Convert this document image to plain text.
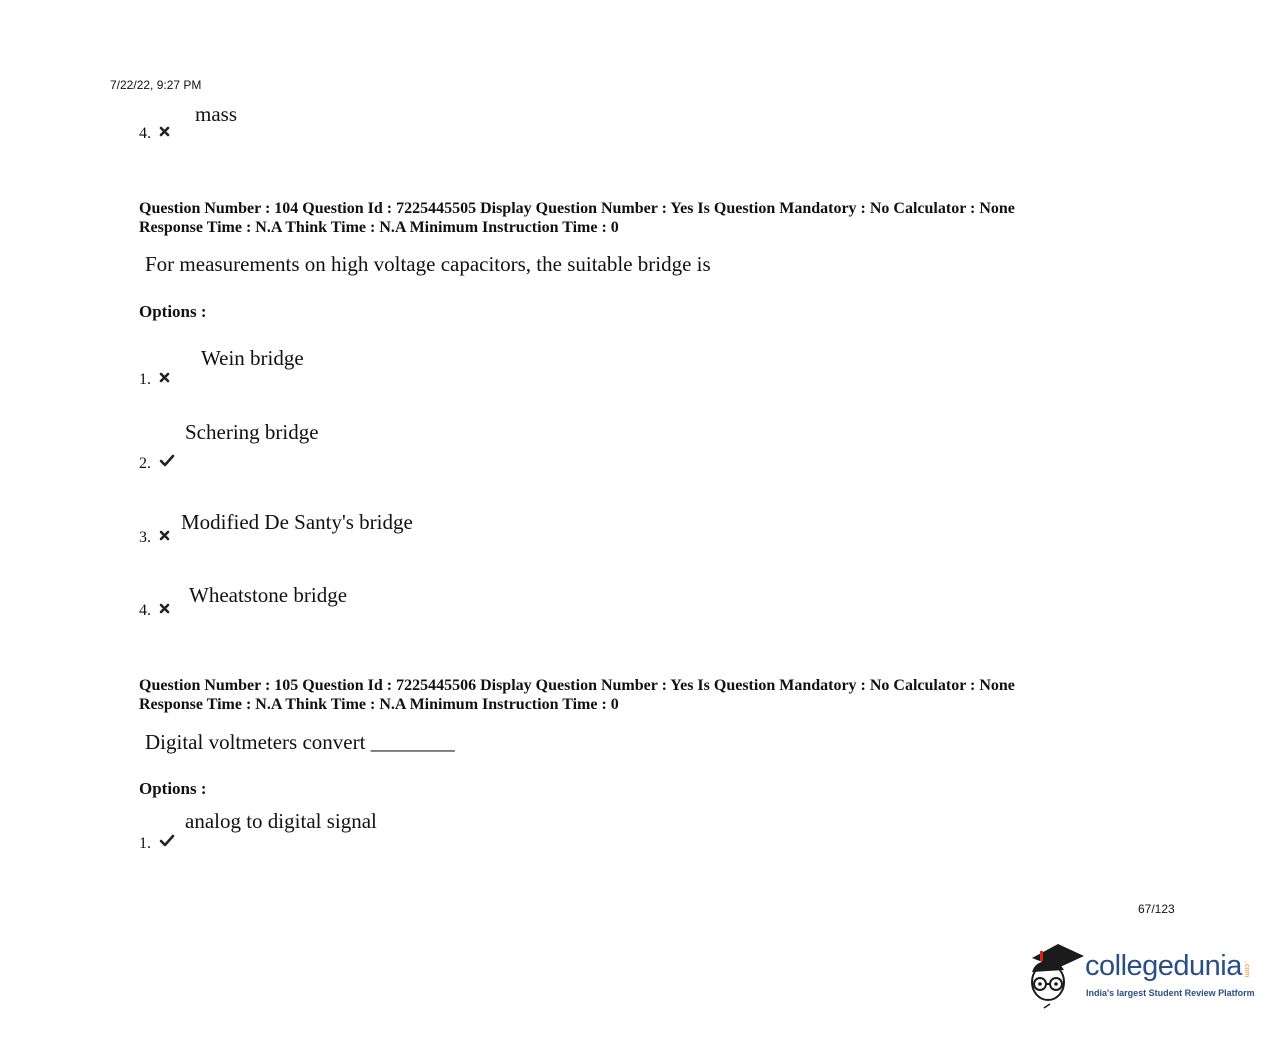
7/22/22, 9:27 PM
mass
4.
Question Number : 104 Question Id : 7225445505 Display Question Number : Yes Is Question Mandatory : No Calculator : None
Response Time : N.A Think Time : N.A Minimum Instruction Time : 0
For measurements on high voltage capacitors, the suitable bridge is
Options :
Wein bridge
1.
Schering bridge
2.
Modified De Santy's bridge
3.
Wheatstone bridge
4.
Question Number : 105 Question Id : 7225445506 Display Question Number : Yes Is Question Mandatory : No Calculator : None
Response Time : N.A Think Time : N.A Minimum Instruction Time : 0
Digital voltmeters convert ________
Options :
analog to digital signal
1.
67/123
collegedunia .com
India's largest Student Review Platform
